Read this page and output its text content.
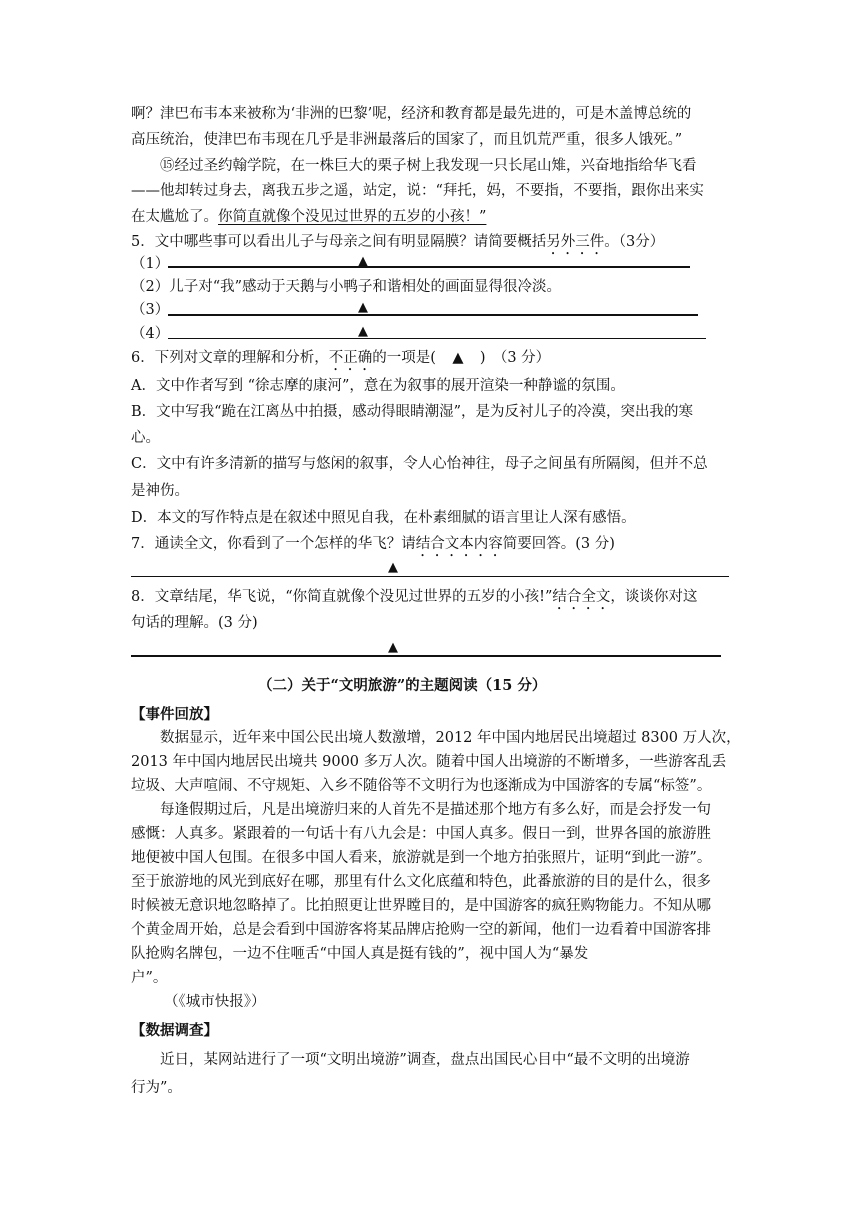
啊？津巴布韦本来被称为‘非洲的巴黎’呢，经济和教育都是最先进的，可是木盖博总统的
高压统治，使津巴布韦现在几乎是非洲最落后的国家了，而且饥荒严重，很多人饿死。”
⑮经过圣约翰学院，在一株巨大的栗子树上我发现一只长尾山雉，兴奋地指给华飞看
——他却转过身去，离我五步之遥，站定，说：“拜托，妈，不要指，不要指，跟你出来实
在太尴尬了。你简直就像个没见过世界的五岁的小孩！”
5．文中哪些事可以看出儿子与母亲之间有明显隔膜？请简要概括另外三件。（3分）
（1）	▲
（2）儿子对“我”感动于天鹅与小鸭子和谐相处的画面显得很冷淡。
（3）	▲
（4）	▲
6．下列对文章的理解和分析，不正确的一项是( ▲ )　（3 分）
A．文中作者写到 “徐志摩的康河”，意在为叙事的展开渲染一种静谧的氛围。
B．文中写我“跪在江离丛中拍摄，感动得眼睛潮湿”，是为反衬儿子的冷漠，突出我的寒
心。
C．文中有许多清新的描写与悠闲的叙事，令人心怡神往，母子之间虽有所隔阂，但并不总
是神伤。
D．本文的写作特点是在叙述中照见自我，在朴素细腻的语言里让人深有感悟。
7．通读全文，你看到了一个怎样的华飞？请结合文本内容简要回答。(3 分)
▲
8．文章结尾，华飞说，“你简直就像个没见过世界的五岁的小孩!”结合全文，谈谈你对这
句话的理解。(3 分)
▲
（二）关于“文明旅游”的主题阅读（15 分）
【事件回放】
数据显示，近年来中国公民出境人数激增，2012 年中国内地居民出境超过 8300 万人次，
2013 年中国内地居民出境共 9000 多万人次。随着中国人出境游的不断增多，一些游客乱丢
垃圾、大声喧闹、不守规矩、入乡不随俗等不文明行为也逐渐成为中国游客的专属“标签”。
每逢假期过后，凡是出境游归来的人首先不是描述那个地方有多么好，而是会抒发一句
感慨：人真多。紧跟着的一句话十有八九会是：中国人真多。假日一到，世界各国的旅游胜
地便被中国人包围。在很多中国人看来，旅游就是到一个地方拍张照片，证明“到此一游”。
至于旅游地的风光到底好在哪，那里有什么文化底蕴和特色，此番旅游的目的是什么，很多
时候被无意识地忽略掉了。比拍照更让世界瞠目的，是中国游客的疯狂购物能力。不知从哪
个黄金周开始，总是会看到中国游客将某品牌店抢购一空的新闻，他们一边看着中国游客排
队抢购名牌包，一边不住咂舌“中国人真是挺有钱的”，视中国人为“暴发
户”。
（《城市快报》）
【数据调查】
近日，某网站进行了一项“文明出境游”调查，盘点出国民心目中“最不文明的出境游
行为”。
